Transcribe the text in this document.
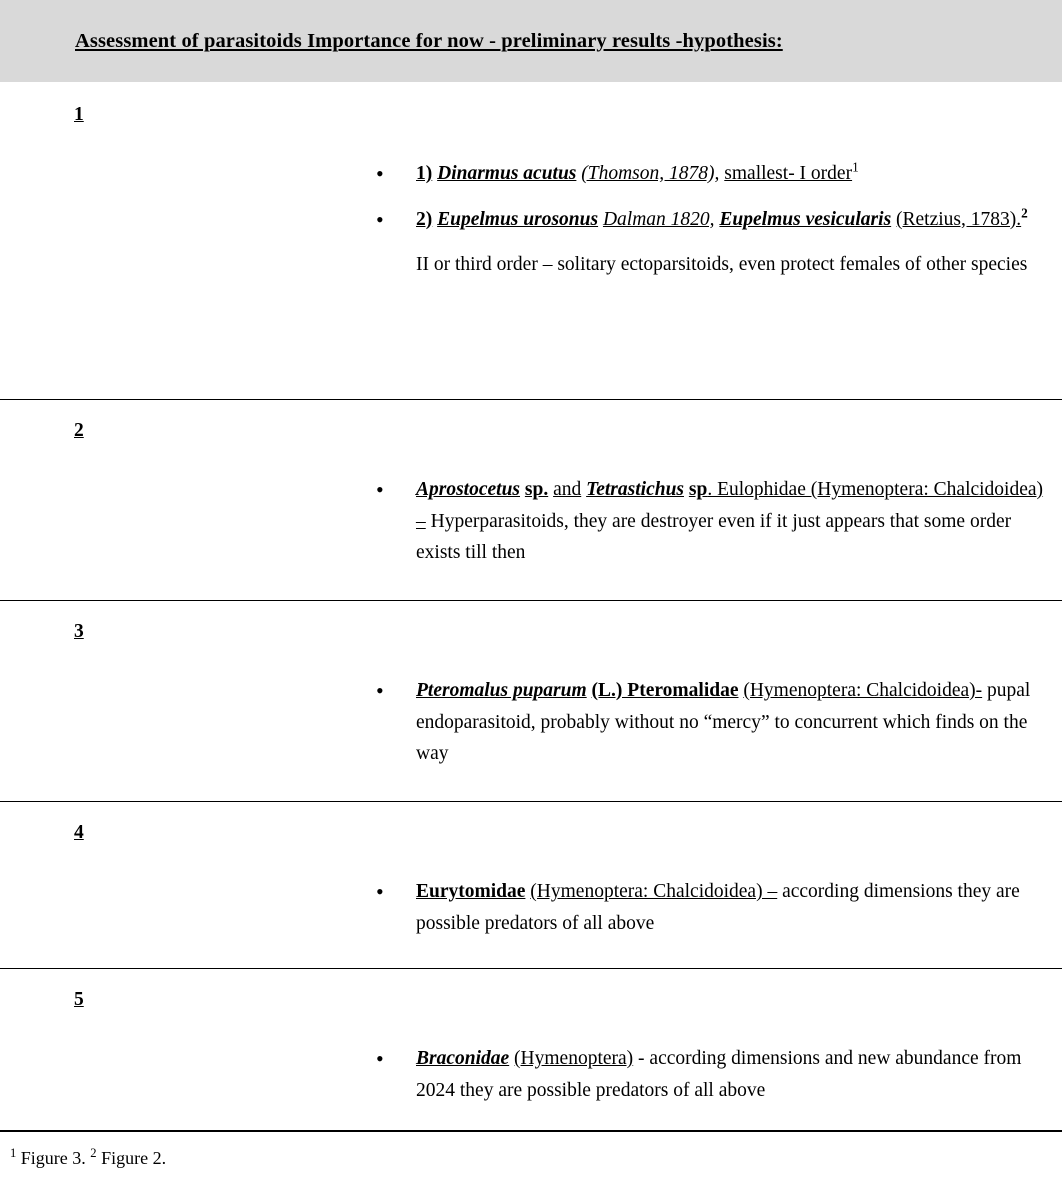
Assessment of parasitoids Importance for now - preliminary results -hypothesis:
1
• 1) Dinarmus acutus (Thomson, 1878), smallest- I order$^1$
• 2) Eupelmus urosonus Dalman 1820, Eupelmus vesicularis (Retzius, 1783).$^2$
II or third order – solitary ectoparsitoids, even protect females of other species
2
• Aprostocetus sp. and Tetrastichus sp. Eulophidae (Hymenoptera: Chalcidoidea) – Hyperparasitoids, they are destroyer even if it just appears that some order exists till then
3
• Pteromalus puparum (L.) Pteromalidae (Hymenoptera: Chalcidoidea)- pupal endoparasitoid, probably without no “mercy” to concurrent which finds on the way
4
• Eurytomidae (Hymenoptera: Chalcidoidea) – according dimensions they are possible predators of all above
5
• Braconidae (Hymenoptera) - according dimensions and new abundance from 2024 they are possible predators of all above
$^1$ Figure 3. $^2$ Figure 2.
